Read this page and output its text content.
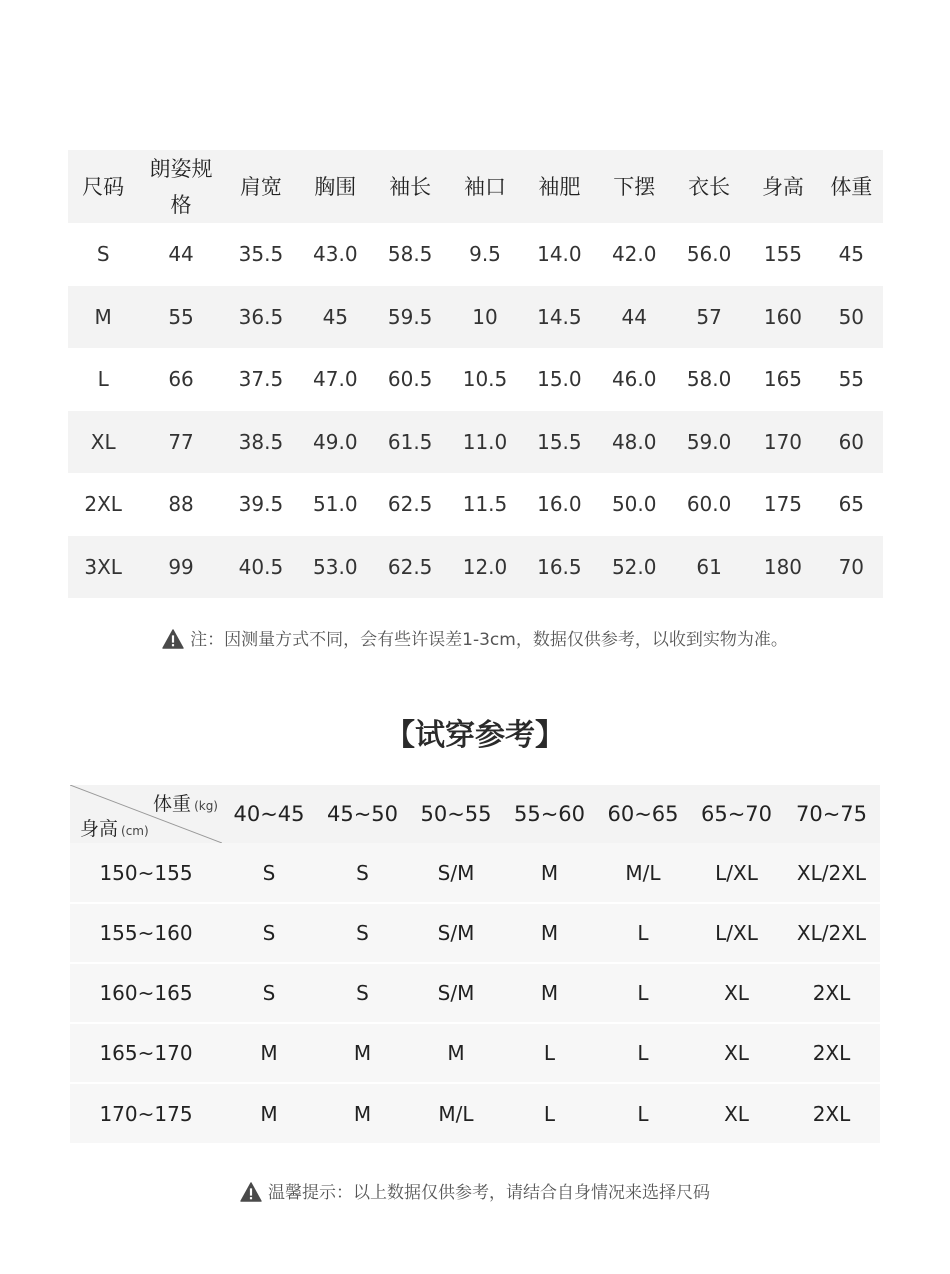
尺码	朗姿规格	肩宽	胸围	袖长	袖口	袖肥	下摆	衣长	身高	体重
S	44	35.5	43.0	58.5	9.5	14.0	42.0	56.0	155	45
M	55	36.5	45	59.5	10	14.5	44	57	160	50
L	66	37.5	47.0	60.5	10.5	15.0	46.0	58.0	165	55
XL	77	38.5	49.0	61.5	11.0	15.5	48.0	59.0	170	60
2XL	88	39.5	51.0	62.5	11.5	16.0	50.0	60.0	175	65
3XL	99	40.5	53.0	62.5	12.0	16.5	52.0	61	180	70
注：因测量方式不同，会有些许误差1-3cm，数据仅供参考，以收到实物为准。
【试穿参考】
体重 (kg)
身高 (cm)	40~45	45~50	50~55	55~60	60~65	65~70	70~75
150~155	S	S	S/M	M	M/L	L/XL	XL/2XL
155~160	S	S	S/M	M	L	L/XL	XL/2XL
160~165	S	S	S/M	M	L	XL	2XL
165~170	M	M	M	L	L	XL	2XL
170~175	M	M	M/L	L	L	XL	2XL
温馨提示：以上数据仅供参考，请结合自身情况来选择尺码
